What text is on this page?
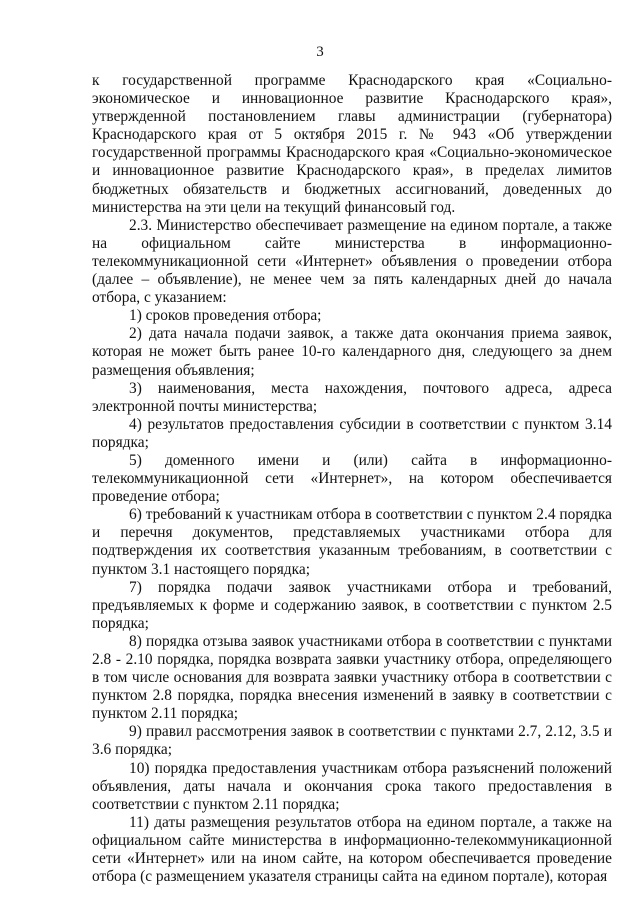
3

к государственной программе Краснодарского края «Социально-экономическое и инновационное развитие Краснодарского края», утвержденной постановлением главы администрации (губернатора) Краснодарского края от 5 октября 2015 г. № 943 «Об утверждении государственной программы Краснодарского края «Социально-экономическое и инновационное развитие Краснодарского края», в пределах лимитов бюджетных обязательств и бюджетных ассигнований, доведенных до министерства на эти цели на текущий финансовый год.

2.3. Министерство обеспечивает размещение на едином портале, а также на официальном сайте министерства в информационно-телекоммуникационной сети «Интернет» объявления о проведении отбора (далее – объявление), не менее чем за пять календарных дней до начала отбора, с указанием:

1) сроков проведения отбора;

2) дата начала подачи заявок, а также дата окончания приема заявок, которая не может быть ранее 10-го календарного дня, следующего за днем размещения объявления;

3) наименования, места нахождения, почтового адреса, адреса электронной почты министерства;

4) результатов предоставления субсидии в соответствии с пунктом 3.14 порядка;

5) доменного имени и (или) сайта в информационно-телекоммуникационной сети «Интернет», на котором обеспечивается проведение отбора;

6) требований к участникам отбора в соответствии с пунктом 2.4 порядка и перечня документов, представляемых участниками отбора для подтверждения их соответствия указанным требованиям, в соответствии с пунктом 3.1 настоящего порядка;

7) порядка подачи заявок участниками отбора и требований, предъявляемых к форме и содержанию заявок, в соответствии с пунктом 2.5 порядка;

8) порядка отзыва заявок участниками отбора в соответствии с пунктами 2.8 - 2.10 порядка, порядка возврата заявки участнику отбора, определяющего в том числе основания для возврата заявки участнику отбора в соответствии с пунктом 2.8 порядка, порядка внесения изменений в заявку в соответствии с пунктом 2.11 порядка;

9) правил рассмотрения заявок в соответствии с пунктами 2.7, 2.12, 3.5 и 3.6 порядка;

10) порядка предоставления участникам отбора разъяснений положений объявления, даты начала и окончания срока такого предоставления в соответствии с пунктом 2.11 порядка;

11) даты размещения результатов отбора на едином портале, а также на официальном сайте министерства в информационно-телекоммуникационной сети «Интернет» или на ином сайте, на котором обеспечивается проведение отбора (с размещением указателя страницы сайта на едином портале), которая
